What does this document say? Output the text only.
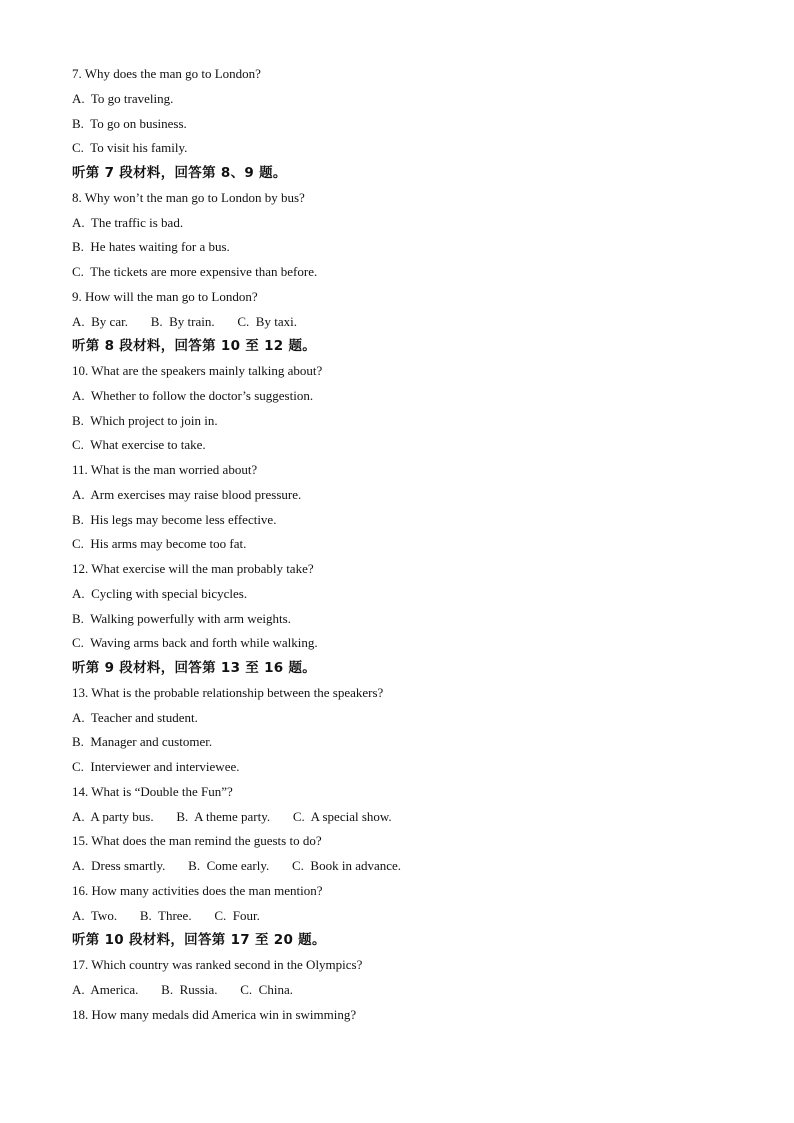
7. Why does the man go to London?
A.  To go traveling.
B.  To go on business.
C.  To visit his family.
听第 7 段材料，回答第 8、9 题。
8. Why won’t the man go to London by bus?
A.  The traffic is bad.
B.  He hates waiting for a bus.
C.  The tickets are more expensive than before.
9. How will the man go to London?
A.  By car.       B.  By train.       C.  By taxi.
听第 8 段材料，回答第 10 至 12 题。
10. What are the speakers mainly talking about?
A.  Whether to follow the doctor’s suggestion.
B.  Which project to join in.
C.  What exercise to take.
11. What is the man worried about?
A.  Arm exercises may raise blood pressure.
B.  His legs may become less effective.
C.  His arms may become too fat.
12. What exercise will the man probably take?
A.  Cycling with special bicycles.
B.  Walking powerfully with arm weights.
C.  Waving arms back and forth while walking.
听第 9 段材料，回答第 13 至 16 题。
13. What is the probable relationship between the speakers?
A.  Teacher and student.
B.  Manager and customer.
C.  Interviewer and interviewee.
14. What is “Double the Fun”?
A.  A party bus.       B.  A theme party.       C.  A special show.
15. What does the man remind the guests to do?
A.  Dress smartly.       B.  Come early.       C.  Book in advance.
16. How many activities does the man mention?
A.  Two.       B.  Three.       C.  Four.
听第 10 段材料，回答第 17 至 20 题。
17. Which country was ranked second in the Olympics?
A.  America.       B.  Russia.       C.  China.
18. How many medals did America win in swimming?
